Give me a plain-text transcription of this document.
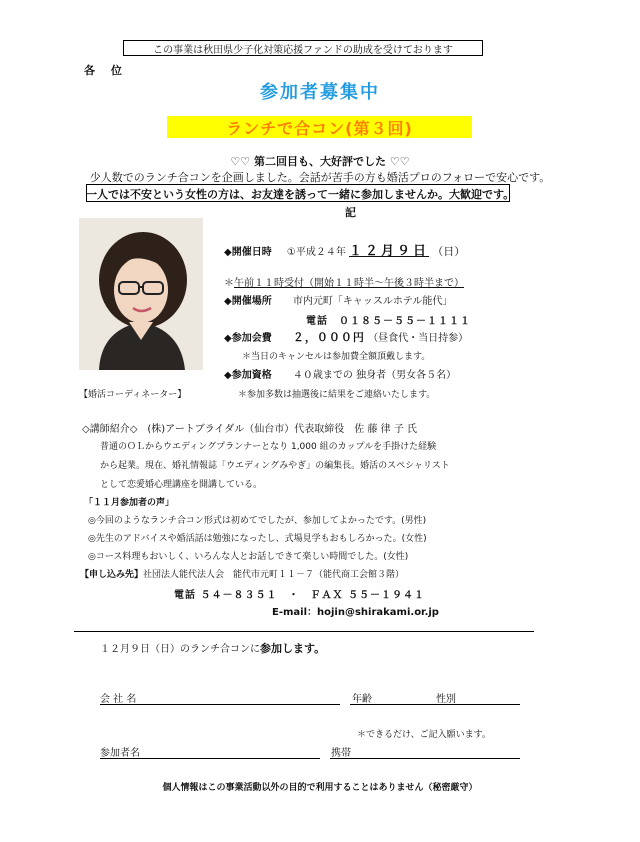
この事業は秋田県少子化対策応援ファンドの助成を受けております
各 位
参加者募集中
ランチで合コン(第３回)
♡♡ 第二回目も、大好評でした ♡♡
少人数でのランチ合コンを企画しました。会話が苦手の方も婚活プロのフォローで安心です。
一人では不安という女性の方は、お友達を誘って一緒に参加しませんか。大歓迎です。
記
【婚活コーディネーター】
◆開催日時 ①平成２４年 １２月９日 （日）
＊午前１１時受付（開始１１時半～午後３時半まで）
◆開催場所 市内元町「キャッスルホテル能代」
電話　０１８５－５５－１１１１
◆参加会費 ２，０００円 （昼食代・当日持参）
＊当日のキャンセルは参加費全額頂戴します。
◆参加資格 ４０歳までの 独身者（男女各５名）
＊参加多数は抽選後に結果をご連絡いたします。
◇講師紹介◇　(株)アートブライダル（仙台市）代表取締役　佐 藤 律 子 氏
普通のＯＬからウエディングプランナーとなり 1,000 組のカップルを手掛けた経験
から起業。現在、婚礼情報誌「ウエディングみやぎ」の編集長。婚活のスペシャリスト
として恋愛婚心理講座を開講している。
「１１月参加者の声」
◎今回のようなランチ合コン形式は初めてでしたが、参加してよかったです。(男性)
◎先生のアドバイスや婚活話は勉強になったし、式場見学もおもしろかった。(女性)
◎コース料理もおいしく、いろんな人とお話しできて楽しい時間でした。(女性)
【申し込み先】社団法人能代法人会　能代市元町１１－７（能代商工会館３階）
電話 ５４－８３５１　・　ＦＡＸ ５５－１９４１
E-mail：hojin@shirakami.or.jp
１２月９日（日）のランチ合コンに参加します。
会 社 名	年齢	性別
＊できるだけ、ご記入願います。
参加者名	携帯
個人情報はこの事業活動以外の目的で利用することはありません（秘密厳守）
